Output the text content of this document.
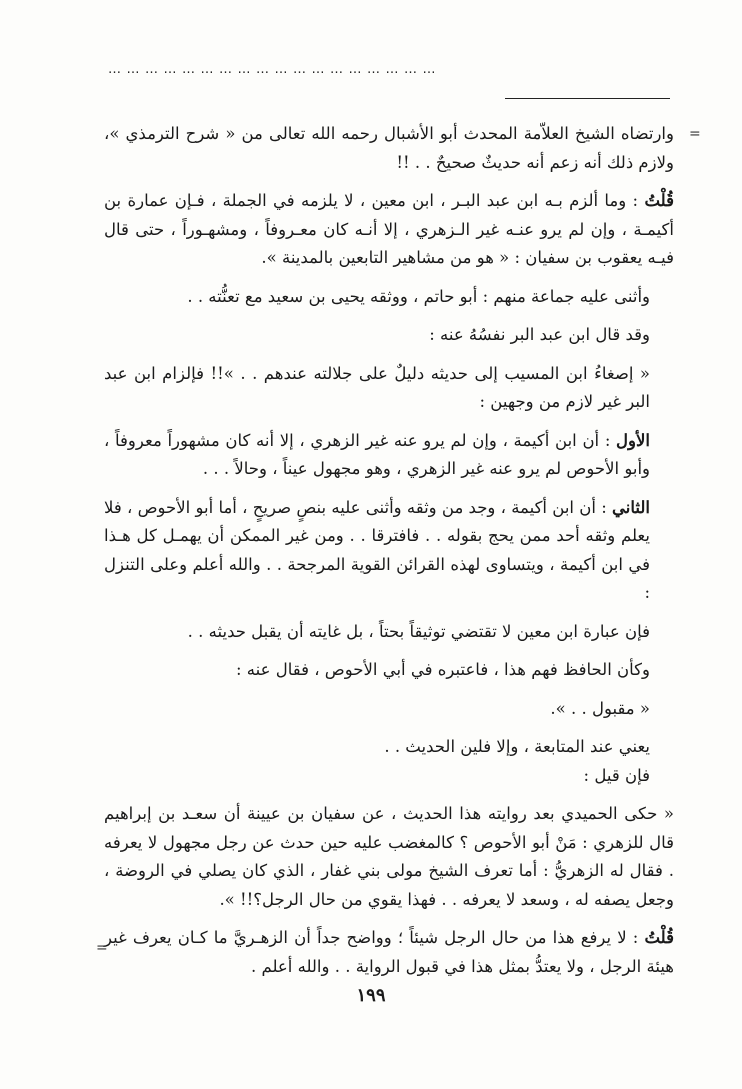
………………………………………………
=

وارتضاه الشيخ العلاّمة المحدث أبو الأشبال رحمه الله تعالى من « شرح الترمذي »، ولازم ذلك أنه زعم أنه حديثٌ صحيحٌ . . !!

قُلْتُ : وما ألزم بـه ابن عبد البـر ، ابن معين ، لا يلزمه في الجملة ، فـإن عمارة بن أكيمـة ، وإن لم يرو عنـه غير الـزهري ، إلا أنـه كان معـروفاً ، ومشهـوراً ، حتى قال فيـه يعقوب بن سفيان : « هو من مشاهير التابعين بالمدينة ».

وأثنى عليه جماعة منهم : أبو حاتم ، ووثقه يحيى بن سعيد مع تعنُّته . .

وقد قال ابن عبد البر نفسُهُ عنه :

« إصغاءُ ابن المسيب إلى حديثه دليلٌ على جلالته عندهم . . »!! فإلزام ابن عبد البر غير لازم من وجهين :

الأول : أن ابن أكيمة ، وإن لم يرو عنه غير الزهري ، إلا أنه كان مشهوراً معروفاً ، وأبو الأحوص لم يرو عنه غير الزهري ، وهو مجهول عيناً ، وحالاً . . .

الثاني : أن ابن أكيمة ، وجد من وثقه وأثنى عليه بنصٍ صريحٍ ، أما أبو الأحوص ، فلا يعلم وثقه أحد ممن يحج بقوله . . فافترقا . . ومن غير الممكن أن يهمـل كل هـذا في ابن أكيمة ، ويتساوى لهذه القرائن القوية المرجحة . . والله أعلم وعلى التنزل :

فإن عبارة ابن معين لا تقتضي توثيقاً بحتاً ، بل غايته أن يقبل حديثه . .

وكأن الحافظ فهم هذا ، فاعتبره في أبي الأحوص ، فقال عنه :

« مقبول . . ».

يعني عند المتابعة ، وإلا فلين الحديث . .

فإن قيل :

« حكى الحميدي بعد روايته هذا الحديث ، عن سفيان بن عيينة أن سعـد بن إبراهيم قال للزهري : مَنْ أبو الأحوص ؟ كالمغضب عليه حين حدث عن رجل مجهول لا يعرفه . فقال له الزهريُّ : أما تعرف الشيخ مولى بني غفار ، الذي كان يصلي في الروضة ، وجعل يصفه له ، وسعد لا يعرفه . . فهذا يقوي من حال الرجل؟!! ».

قُلْتُ : لا يرفع هذا من حال الرجل شيئاً ؛ وواضح جداً أن الزهـريَّ ما كـان يعرف غير هيئة الرجل ، ولا يعتدُّ بمثل هذا في قبول الرواية . . والله أعلم .

=
١٩٩
